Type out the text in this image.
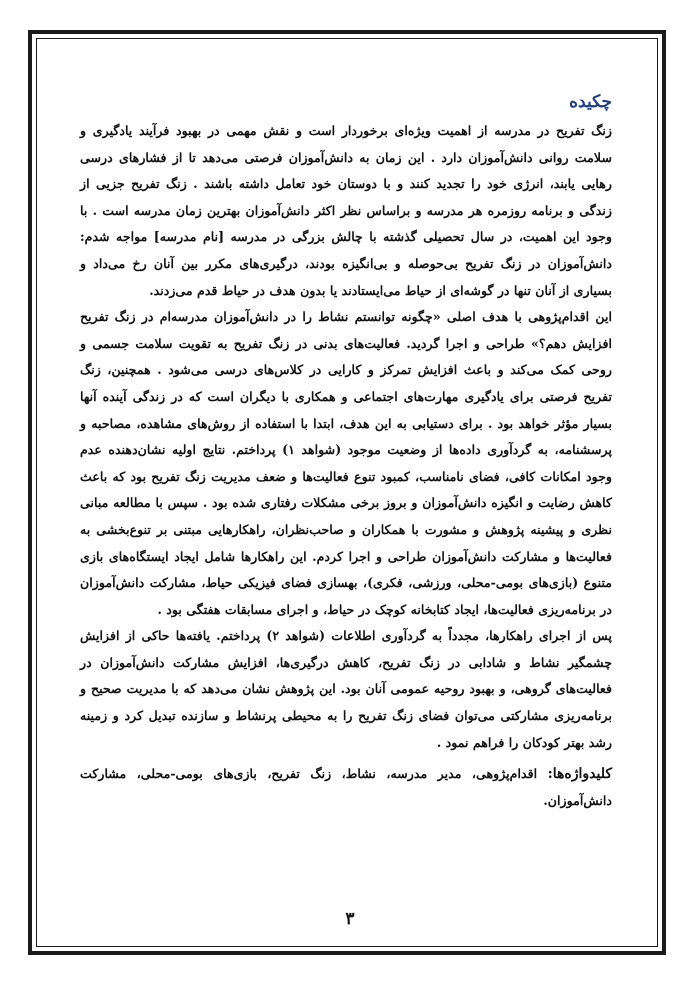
چکیده

زنگ تفریح در مدرسه از اهمیت ویژه‌ای برخوردار است و نقش مهمی در بهبود فرآیند یادگیری و سلامت روانی دانش‌آموزان دارد . این زمان به دانش‌آموزان فرصتی می‌دهد تا از فشارهای درسی رهایی یابند، انرژی خود را تجدید کنند و با دوستان خود تعامل داشته باشند . زنگ تفریح جزیی از زندگی و برنامه روزمره هر مدرسه و براساس نظر اکثر دانش‌آموزان بهترین زمان مدرسه است . با وجود این اهمیت، در سال تحصیلی گذشته با چالش بزرگی در مدرسه [نام مدرسه] مواجه شدم: دانش‌آموزان در زنگ تفریح بی‌حوصله و بی‌انگیزه بودند، درگیری‌های مکرر بین آنان رخ می‌داد و بسیاری از آنان تنها در گوشه‌ای از حیاط می‌ایستادند یا بدون هدف در حیاط قدم می‌زدند.

این اقدام‌پژوهی با هدف اصلی «چگونه توانستم نشاط را در دانش‌آموزان مدرسه‌ام در زنگ تفریح افزایش دهم؟» طراحی و اجرا گردید. فعالیت‌های بدنی در زنگ تفریح به تقویت سلامت جسمی و روحی کمک می‌کند و باعث افزایش تمرکز و کارایی در کلاس‌های درسی می‌شود . همچنین، زنگ تفریح فرصتی برای یادگیری مهارت‌های اجتماعی و همکاری با دیگران است که در زندگی آینده آنها بسیار مؤثر خواهد بود . برای دستیابی به این هدف، ابتدا با استفاده از روش‌های مشاهده، مصاحبه و پرسشنامه، به گردآوری داده‌ها از وضعیت موجود (شواهد ۱) پرداختم. نتایج اولیه نشان‌دهنده عدم وجود امکانات کافی، فضای نامناسب، کمبود تنوع فعالیت‌ها و ضعف مدیریت زنگ تفریح بود که باعث کاهش رضایت و انگیزه دانش‌آموزان و بروز برخی مشکلات رفتاری شده بود . سپس با مطالعه مبانی نظری و پیشینه پژوهش و مشورت با همکاران و صاحب‌نظران، راهکارهایی مبتنی بر تنوع‌بخشی به فعالیت‌ها و مشارکت دانش‌آموزان طراحی و اجرا کردم. این راهکارها شامل ایجاد ایستگاه‌های بازی متنوع (بازی‌های بومی-محلی، ورزشی، فکری)، بهسازی فضای فیزیکی حیاط، مشارکت دانش‌آموزان در برنامه‌ریزی فعالیت‌ها، ایجاد کتابخانه کوچک در حیاط، و اجرای مسابقات هفتگی بود .

پس از اجرای راهکارها، مجدداً به گردآوری اطلاعات (شواهد ۲) پرداختم. یافته‌ها حاکی از افزایش چشمگیر نشاط و شادابی در زنگ تفریح، کاهش درگیری‌ها، افزایش مشارکت دانش‌آموزان در فعالیت‌های گروهی، و بهبود روحیه عمومی آنان بود. این پژوهش نشان می‌دهد که با مدیریت صحیح و برنامه‌ریزی مشارکتی می‌توان فضای زنگ تفریح را به محیطی پرنشاط و سازنده تبدیل کرد و زمینه رشد بهتر کودکان را فراهم نمود .

کلیدواژه‌ها: اقدام‌پژوهی، مدیر مدرسه، نشاط، زنگ تفریح، بازی‌های بومی-محلی، مشارکت دانش‌آموزان.

۳
